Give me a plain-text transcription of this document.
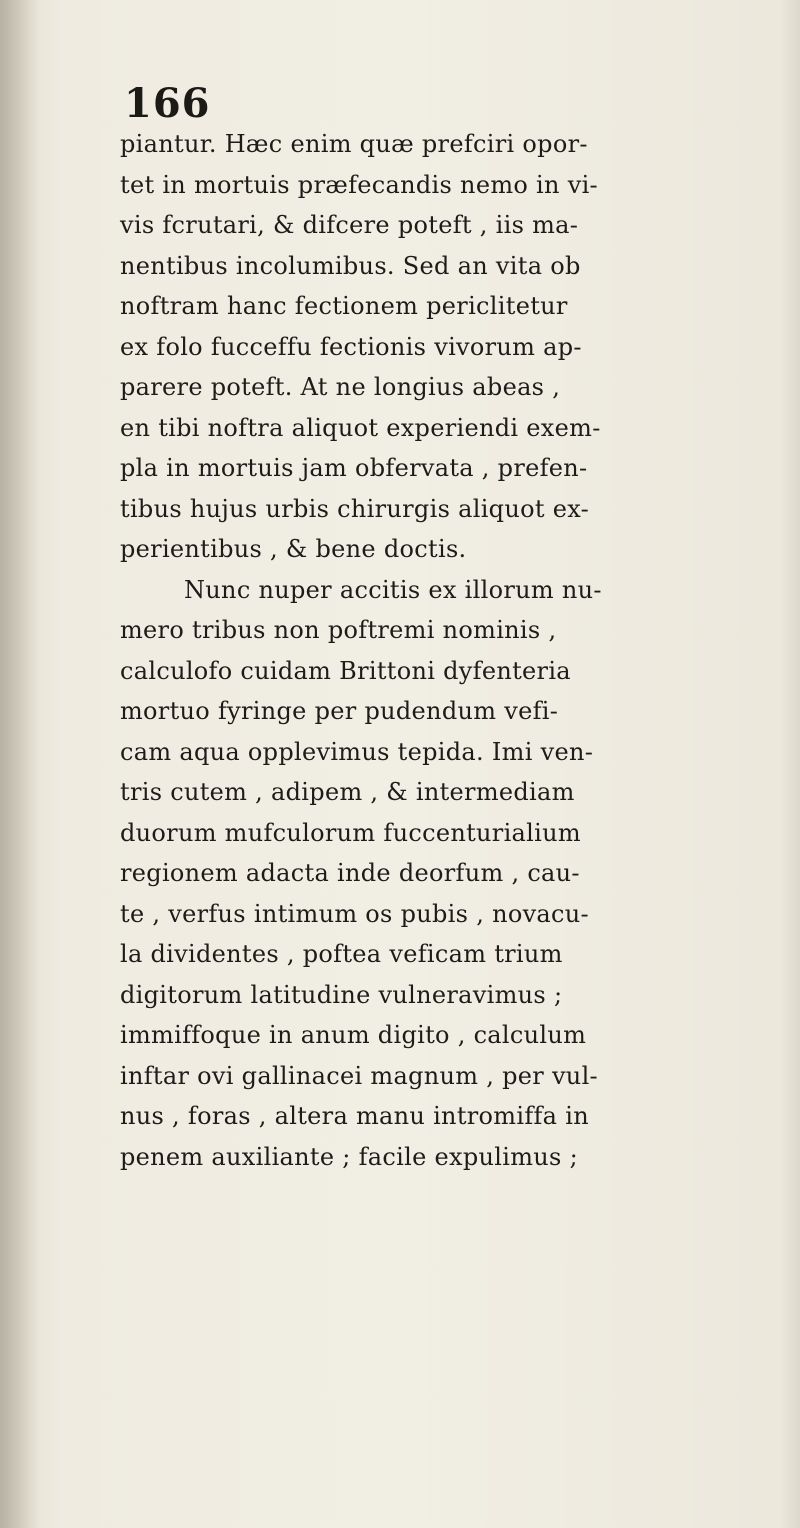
166
piantur. Hæc enim quæ prefciri opor-
tet in mortuis præfecandis nemo in vi-
vis fcrutari, & difcere poteft , iis ma-
nentibus incolumibus. Sed an vita ob
noftram hanc fectionem periclitetur
ex folo fucceffu fectionis vivorum ap-
parere poteft. At ne longius abeas ,
en tibi noftra aliquot experiendi exem-
pla in mortuis jam obfervata , prefen-
tibus hujus urbis chirurgis aliquot ex-
perientibus , & bene doctis.
Nunc nuper accitis ex illorum nu-
mero tribus non poftremi nominis ,
calculofo cuidam Brittoni dyfenteria
mortuo fyringe per pudendum vefi-
cam aqua opplevimus tepida. Imi ven-
tris cutem , adipem , & intermediam
duorum mufculorum fuccenturialium
regionem adacta inde deorfum , cau-
te , verfus intimum os pubis , novacu-
la dividentes , poftea veficam trium
digitorum latitudine vulneravimus ;
immiffoque in anum digito , calculum
inftar ovi gallinacei magnum , per vul-
nus , foras , altera manu intromiffa in
penem auxiliante ; facile expulimus ;
